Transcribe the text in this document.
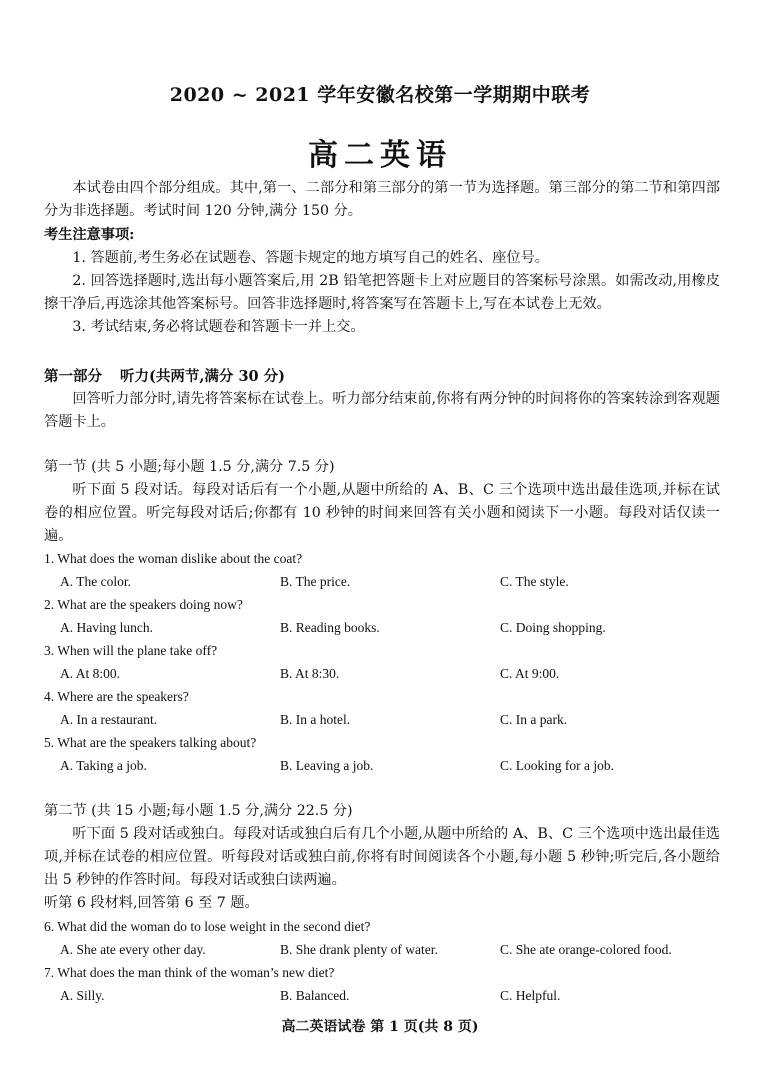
2020 ~ 2021 学年安徽名校第一学期期中联考
高二英语
本试卷由四个部分组成。其中,第一、二部分和第三部分的第一节为选择题。第三部分的第二节和第四部分为非选择题。考试时间 120 分钟,满分 150 分。
考生注意事项:
1. 答题前,考生务必在试题卷、答题卡规定的地方填写自己的姓名、座位号。
2. 回答选择题时,选出每小题答案后,用 2B 铅笔把答题卡上对应题目的答案标号涂黑。如需改动,用橡皮擦干净后,再选涂其他答案标号。回答非选择题时,将答案写在答题卡上,写在本试卷上无效。
3. 考试结束,务必将试题卷和答题卡一并上交。
第一部分 听力(共两节,满分 30 分)
回答听力部分时,请先将答案标在试卷上。听力部分结束前,你将有两分钟的时间将你的答案转涂到客观题答题卡上。
第一节 (共 5 小题;每小题 1.5 分,满分 7.5 分)
听下面 5 段对话。每段对话后有一个小题,从题中所给的 A、B、C 三个选项中选出最佳选项,并标在试卷的相应位置。听完每段对话后;你都有 10 秒钟的时间来回答有关小题和阅读下一小题。每段对话仅读一遍。
1. What does the woman dislike about the coat?
A. The color.	B. The price.	C. The style.
2. What are the speakers doing now?
A. Having lunch.	B. Reading books.	C. Doing shopping.
3. When will the plane take off?
A. At 8:00.	B. At 8:30.	C. At 9:00.
4. Where are the speakers?
A. In a restaurant.	B. In a hotel.	C. In a park.
5. What are the speakers talking about?
A. Taking a job.	B. Leaving a job.	C. Looking for a job.
第二节 (共 15 小题;每小题 1.5 分,满分 22.5 分)
听下面 5 段对话或独白。每段对话或独白后有几个小题,从题中所给的 A、B、C 三个选项中选出最佳选项,并标在试卷的相应位置。听每段对话或独白前,你将有时间阅读各个小题,每小题 5 秒钟;听完后,各小题给出 5 秒钟的作答时间。每段对话或独白读两遍。
听第 6 段材料,回答第 6 至 7 题。
6. What did the woman do to lose weight in the second diet?
A. She ate every other day.	B. She drank plenty of water.	C. She ate orange-colored food.
7. What does the man think of the woman’s new diet?
A. Silly.	B. Balanced.	C. Helpful.
高二英语试卷 第 1 页(共 8 页)
